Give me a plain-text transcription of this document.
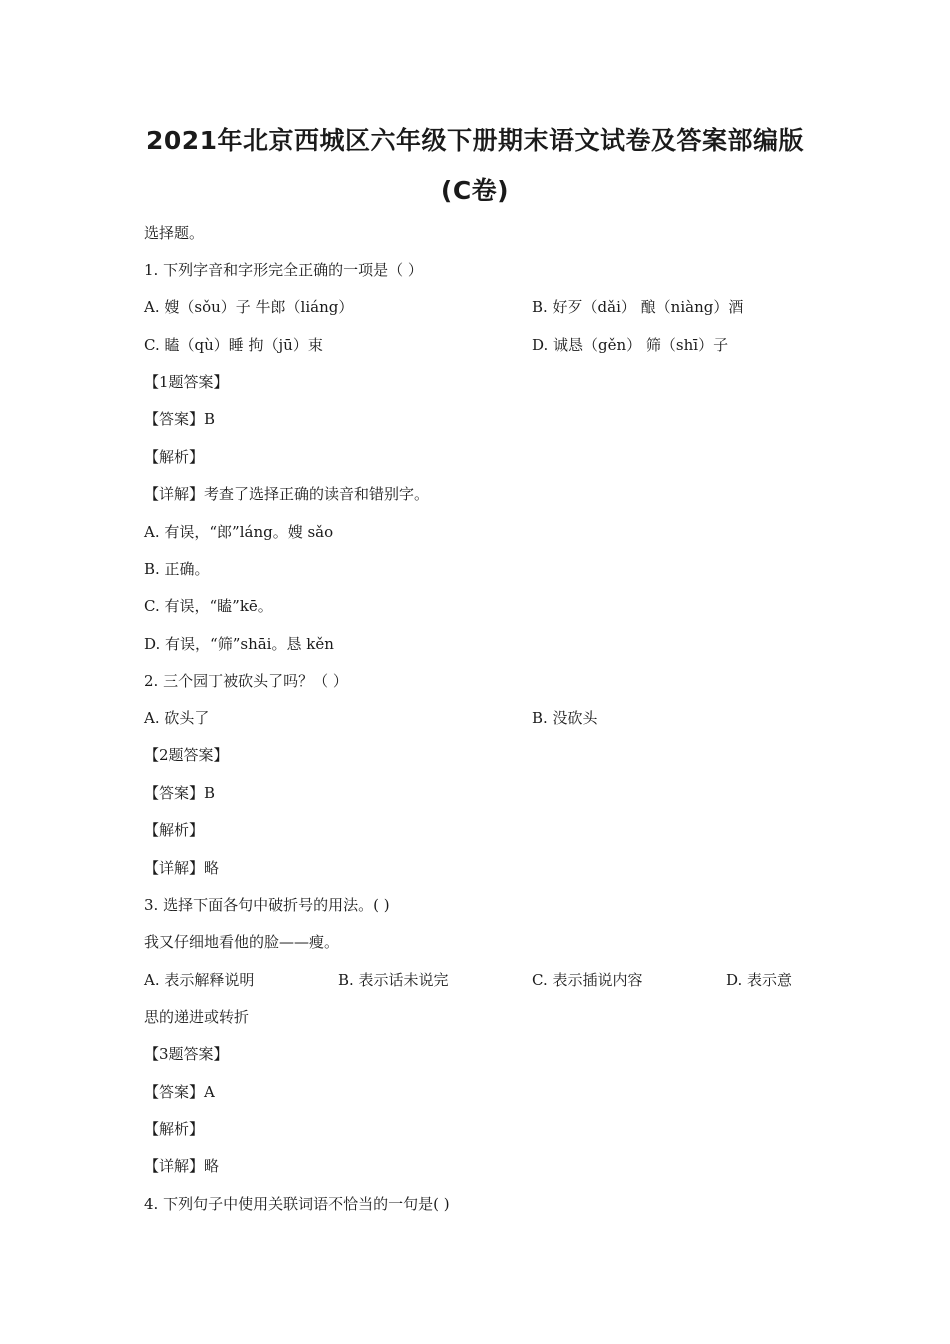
2021年北京西城区六年级下册期末语文试卷及答案部编版
(C卷)
选择题。
1. 下列字音和字形完全正确的一项是（ ）
A. 嫂（sǒu）子 牛郎（liáng）	B. 好歹（dǎi） 酿（niàng）酒
C. 瞌（qù）睡 拘（jū）束	D. 诚恳（gěn） 筛（shī）子
【1题答案】
【答案】B
【解析】
【详解】考查了选择正确的读音和错别字。
A. 有误，“郎”láng。嫂 sǎo
B. 正确。
C. 有误，“瞌”kē。
D. 有误，“筛”shāi。恳 kěn
2. 三个园丁被砍头了吗？（ ）
A. 砍头了	B. 没砍头
【2题答案】
【答案】B
【解析】
【详解】略
3. 选择下面各句中破折号的用法。( )
我又仔细地看他的脸——瘦。
A. 表示解释说明	B. 表示话未说完	C. 表示插说内容	D. 表示意
思的递进或转折
【3题答案】
【答案】A
【解析】
【详解】略
4. 下列句子中使用关联词语不恰当的一句是( )
